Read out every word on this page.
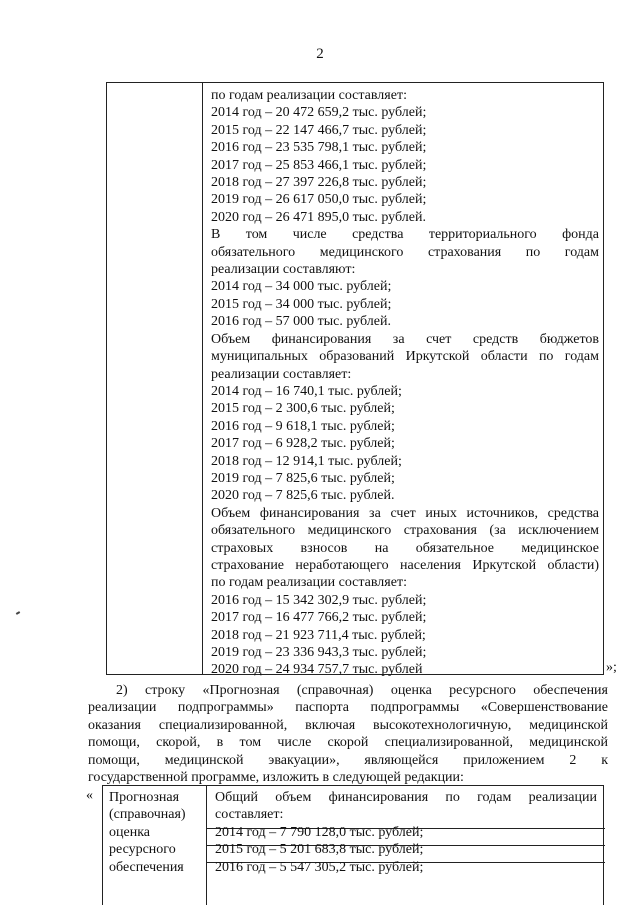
2
по годам реализации составляет:
2014 год – 20 472 659,2 тыс. рублей;
2015 год – 22 147 466,7 тыс. рублей;
2016 год – 23 535 798,1 тыс. рублей;
2017 год – 25 853 466,1 тыс. рублей;
2018 год – 27 397 226,8 тыс. рублей;
2019 год – 26 617 050,0 тыс. рублей;
2020 год – 26 471 895,0 тыс. рублей.
В том числе средства территориального фонда
обязательного медицинского страхования по годам
реализации составляют:
2014 год – 34 000 тыс. рублей;
2015 год – 34 000 тыс. рублей;
2016 год – 57 000 тыс. рублей.
Объем финансирования за счет средств бюджетов
муниципальных образований Иркутской области по годам
реализации составляет:
2014 год – 16 740,1 тыс. рублей;
2015 год – 2 300,6 тыс. рублей;
2016 год – 9 618,1 тыс. рублей;
2017 год – 6 928,2 тыс. рублей;
2018 год – 12 914,1 тыс. рублей;
2019 год – 7 825,6 тыс. рублей;
2020 год – 7 825,6 тыс. рублей.
Объем финансирования за счет иных источников, средства
обязательного медицинского страхования (за исключением
страховых взносов на обязательное медицинское
страхование неработающего населения Иркутской области)
по годам реализации составляет:
2016 год – 15 342 302,9 тыс. рублей;
2017 год – 16 477 766,2 тыс. рублей;
2018 год – 21 923 711,4 тыс. рублей;
2019 год – 23 336 943,3 тыс. рублей;
2020 год – 24 934 757,7 тыс. рублей	»;
2) строку «Прогнозная (справочная) оценка ресурсного обеспечения
реализации подпрограммы» паспорта подпрограммы «Совершенствование
оказания специализированной, включая высокотехнологичную, медицинской
помощи, скорой, в том числе скорой специализированной, медицинской
помощи, медицинской эвакуации», являющейся приложением 2 к
государственной программе, изложить в следующей редакции:
« Прогнозная
(справочная)
оценка
ресурсного
обеспечения
Общий объем финансирования по годам реализации
составляет:
2014 год – 7 790 128,0 тыс. рублей;
2015 год – 5 201 683,8 тыс. рублей;
2016 год – 5 547 305,2 тыс. рублей;
